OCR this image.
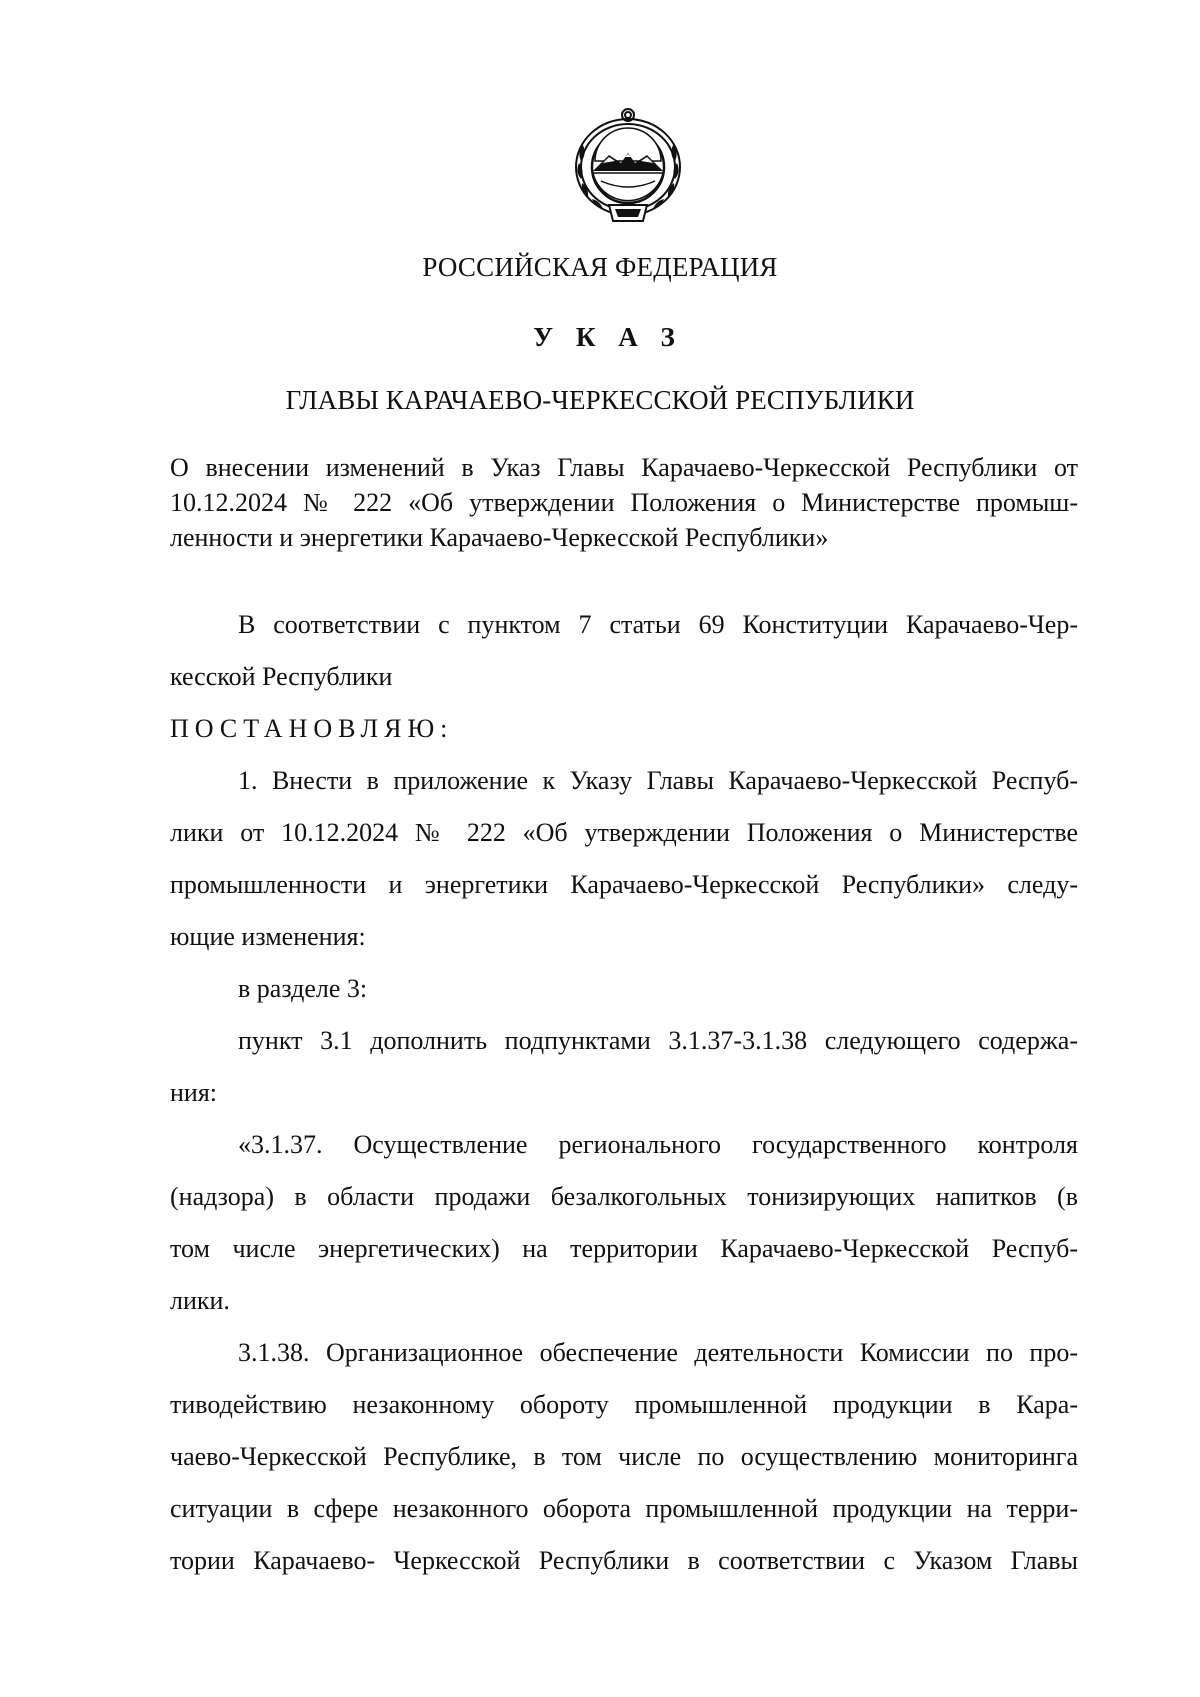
РОССИЙСКАЯ ФЕДЕРАЦИЯ
У К А З
ГЛАВЫ КАРАЧАЕВО-ЧЕРКЕССКОЙ РЕСПУБЛИКИ
О внесении изменений в Указ Главы Карачаево-Черкесской Республики от
10.12.2024 № 222 «Об утверждении Положения о Министерстве промыш-
ленности и энергетики Карачаево-Черкесской Республики»
В соответствии с пунктом 7 статьи 69 Конституции Карачаево-Чер-
кесской Республики
ПОСТАНОВЛЯЮ:
1. Внести в приложение к Указу Главы Карачаево-Черкесской Респуб-
лики от 10.12.2024 № 222 «Об утверждении Положения о Министерстве
промышленности и энергетики Карачаево-Черкесской Республики» следу-
ющие изменения:
в разделе 3:
пункт 3.1 дополнить подпунктами 3.1.37-3.1.38 следующего содержа-
ния:
«3.1.37. Осуществление регионального государственного контроля
(надзора) в области продажи безалкогольных тонизирующих напитков (в
том числе энергетических) на территории Карачаево-Черкесской Респуб-
лики.
3.1.38. Организационное обеспечение деятельности Комиссии по про-
тиводействию незаконному обороту промышленной продукции в Кара-
чаево-Черкесской Республике, в том числе по осуществлению мониторинга
ситуации в сфере незаконного оборота промышленной продукции на терри-
тории Карачаево- Черкесской Республики в соответствии с Указом Главы
